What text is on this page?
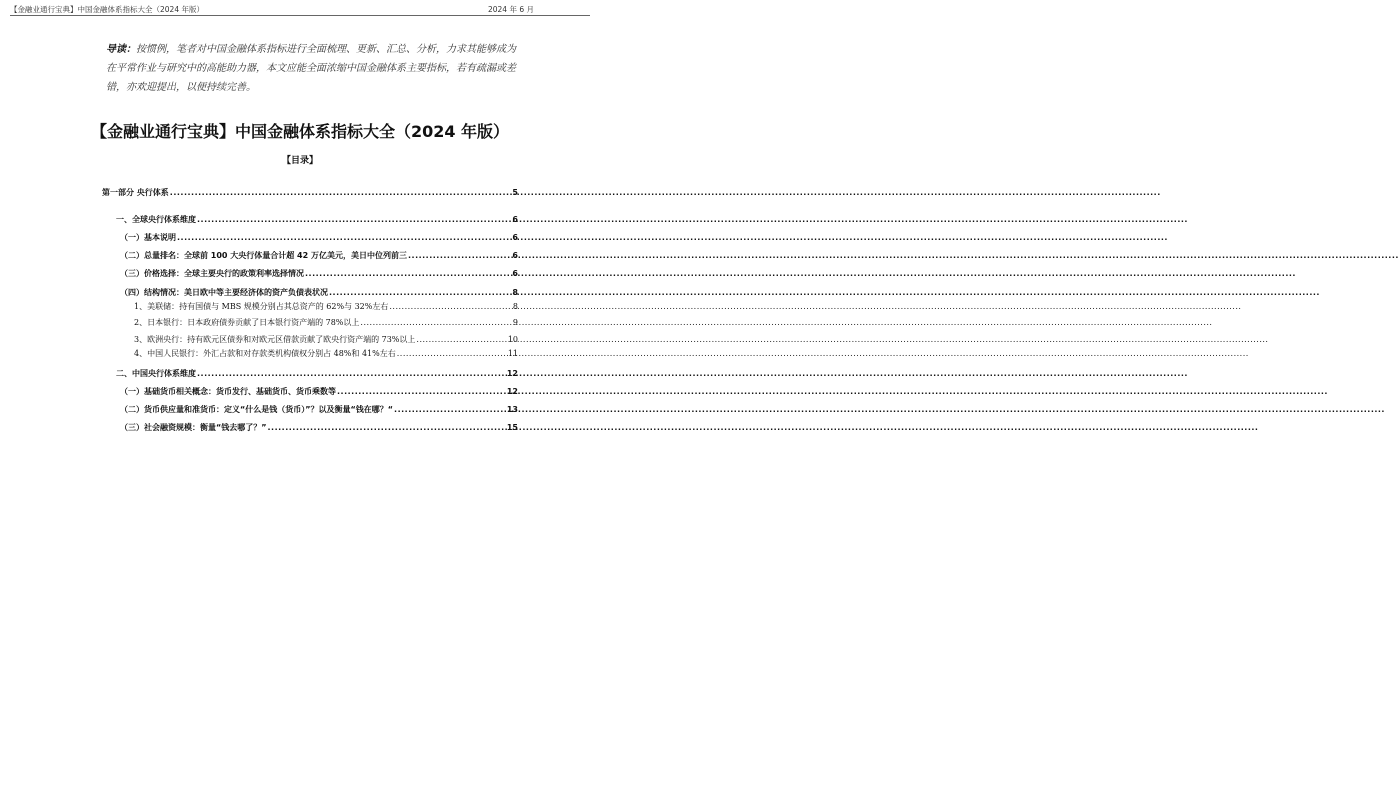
【金融业通行宝典】中国金融体系指标大全（2024 年版）	2024 年 6 月
导读：按惯例，笔者对中国金融体系指标进行全面梳理、更新、汇总、分析，力求其能够成为在平常作业与研究中的高能助力器，本文应能全面浓缩中国金融体系主要指标，若有疏漏或差错，亦欢迎提出，以便持续完善。
【金融业通行宝典】中国金融体系指标大全（2024 年版）
【目录】
第一部分 央行体系 .....	5
一、全球央行体系维度 .....	6
（一）基本说明 .....	6
（二）总量排名：全球前 100 大央行体量合计超 42 万亿美元，美日中位列前三 .....	6
（三）价格选择：全球主要央行的政策利率选择情况 .....	6
（四）结构情况：美日欧中等主要经济体的资产负债表状况 .....	8
1、美联储：持有国债与 MBS 规模分别占其总资产的 62%与 32%左右 .....	8
2、日本银行：日本政府债券贡献了日本银行资产端的 78%以上 .....	9
3、欧洲央行：持有欧元区债券和对欧元区借款贡献了欧央行资产端的 73%以上 .....	10
4、中国人民银行：外汇占款和对存款类机构债权分别占 48%和 41%左右 .....	11
二、中国央行体系维度 .....	12
（一）基础货币相关概念：货币发行、基础货币、货币乘数等 .....	12
（二）货币供应量和准货币：定义“什么是钱（货币）”？以及衡量“钱在哪？“ .....	13
（三）社会融资规模：衡量“钱去哪了？” .....	15
